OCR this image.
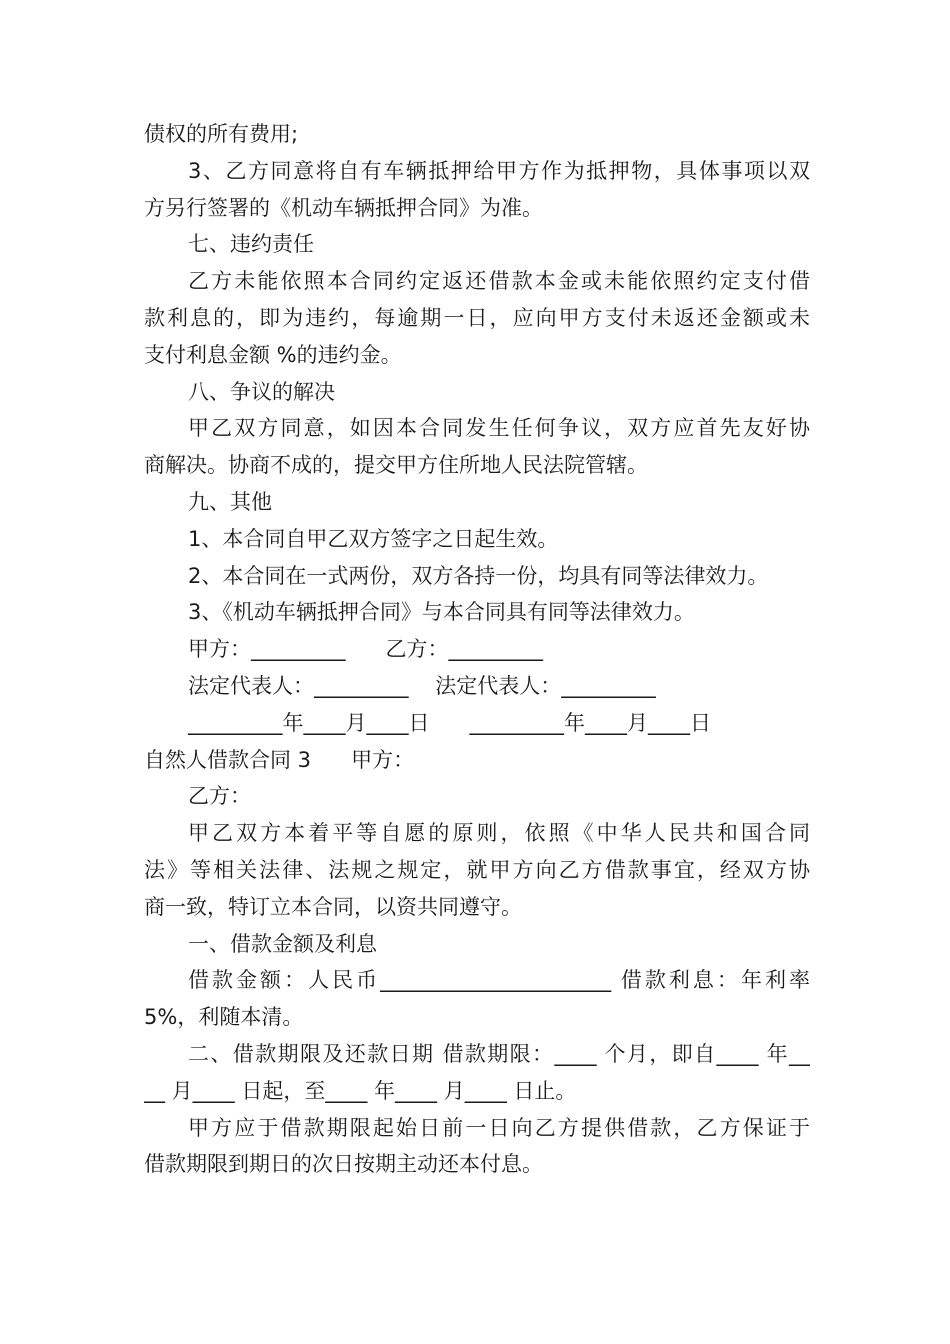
债权的所有费用;
3、乙方同意将自有车辆抵押给甲方作为抵押物，具体事项以双
方另行签署的《机动车辆抵押合同》为准。
七、违约责任
乙方未能依照本合同约定返还借款本金或未能依照约定支付借
款利息的，即为违约，每逾期一日，应向甲方支付未返还金额或未
支付利息金额 %的违约金。
八、争议的解决
甲乙双方同意，如因本合同发生任何争议，双方应首先友好协
商解决。协商不成的，提交甲方住所地人民法院管辖。
九、其他
1、本合同自甲乙双方签字之日起生效。
2、本合同在一式两份，双方各持一份，均具有同等法律效力。
3、《机动车辆抵押合同》与本合同具有同等法律效力。
甲方：_________      乙方：_________
法定代表人：_________    法定代表人：_________
_________年____月____日      _________年____月____日
自然人借款合同 3      甲方：
乙方：
甲乙双方本着平等自愿的原则，依照《中华人民共和国合同
法》等相关法律、法规之规定，就甲方向乙方借款事宜，经双方协
商一致，特订立本合同，以资共同遵守。
一、借款金额及利息
借款金额：人民币______________________ 借款利息：年利率
5%，利随本清。
二、借款期限及还款日期 借款期限：____ 个月，即自____ 年__
__ 月____ 日起，至____ 年____ 月____ 日止。
甲方应于借款期限起始日前一日向乙方提供借款，乙方保证于
借款期限到期日的次日按期主动还本付息。
